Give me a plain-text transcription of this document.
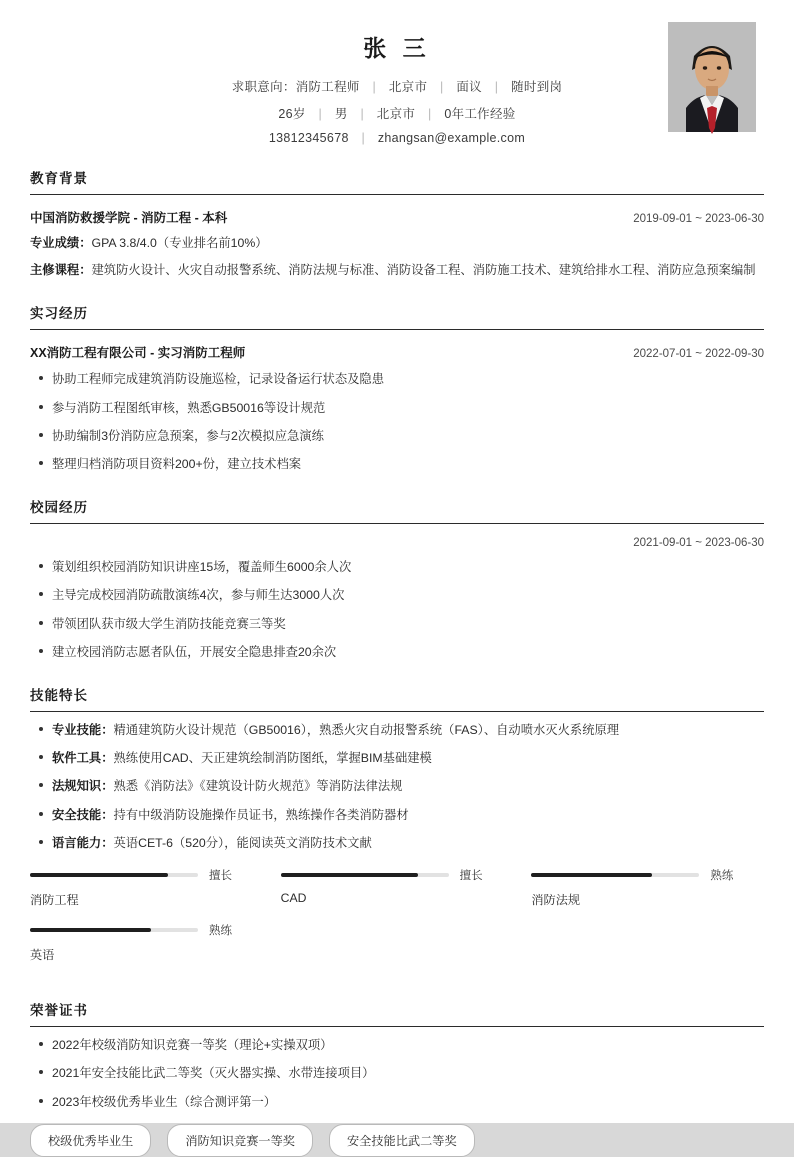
张 三
求职意向：消防工程师 | 北京市 | 面议 | 随时到岗
26岁 | 男 | 北京市 | 0年工作经验
13812345678 | zhangsan@example.com
教育背景
中国消防救援学院 - 消防工程 - 本科	2019-09-01 ~ 2023-06-30
专业成绩：GPA 3.8/4.0（专业排名前10%）
主修课程：建筑防火设计、火灾自动报警系统、消防法规与标准、消防设备工程、消防施工技术、建筑给排水工程、消防应急预案编制
实习经历
XX消防工程有限公司 - 实习消防工程师	2022-07-01 ~ 2022-09-30
协助工程师完成建筑消防设施巡检，记录设备运行状态及隐患
参与消防工程图纸审核，熟悉GB50016等设计规范
协助编制3份消防应急预案，参与2次模拟应急演练
整理归档消防项目资料200+份，建立技术档案
校园经历
2021-09-01 ~ 2023-06-30
策划组织校园消防知识讲座15场，覆盖师生6000余人次
主导完成校园消防疏散演练4次，参与师生达3000人次
带领团队获市级大学生消防技能竞赛三等奖
建立校园消防志愿者队伍，开展安全隐患排查20余次
技能特长
专业技能：精通建筑防火设计规范（GB50016），熟悉火灾自动报警系统（FAS）、自动喷水灭火系统原理
软件工具：熟练使用CAD、天正建筑绘制消防图纸，掌握BIM基础建模
法规知识：熟悉《消防法》《建筑设计防火规范》等消防法律法规
安全技能：持有中级消防设施操作员证书，熟练操作各类消防器材
语言能力：英语CET-6（520分），能阅读英文消防技术文献
擅长
消防工程
擅长
CAD
熟练
消防法规
熟练
英语
荣誉证书
2022年校级消防知识竞赛一等奖（理论+实操双项）
2021年安全技能比武二等奖（灭火器实操、水带连接项目）
2023年校级优秀毕业生（综合测评第一）
校级优秀毕业生	消防知识竞赛一等奖	安全技能比武二等奖
